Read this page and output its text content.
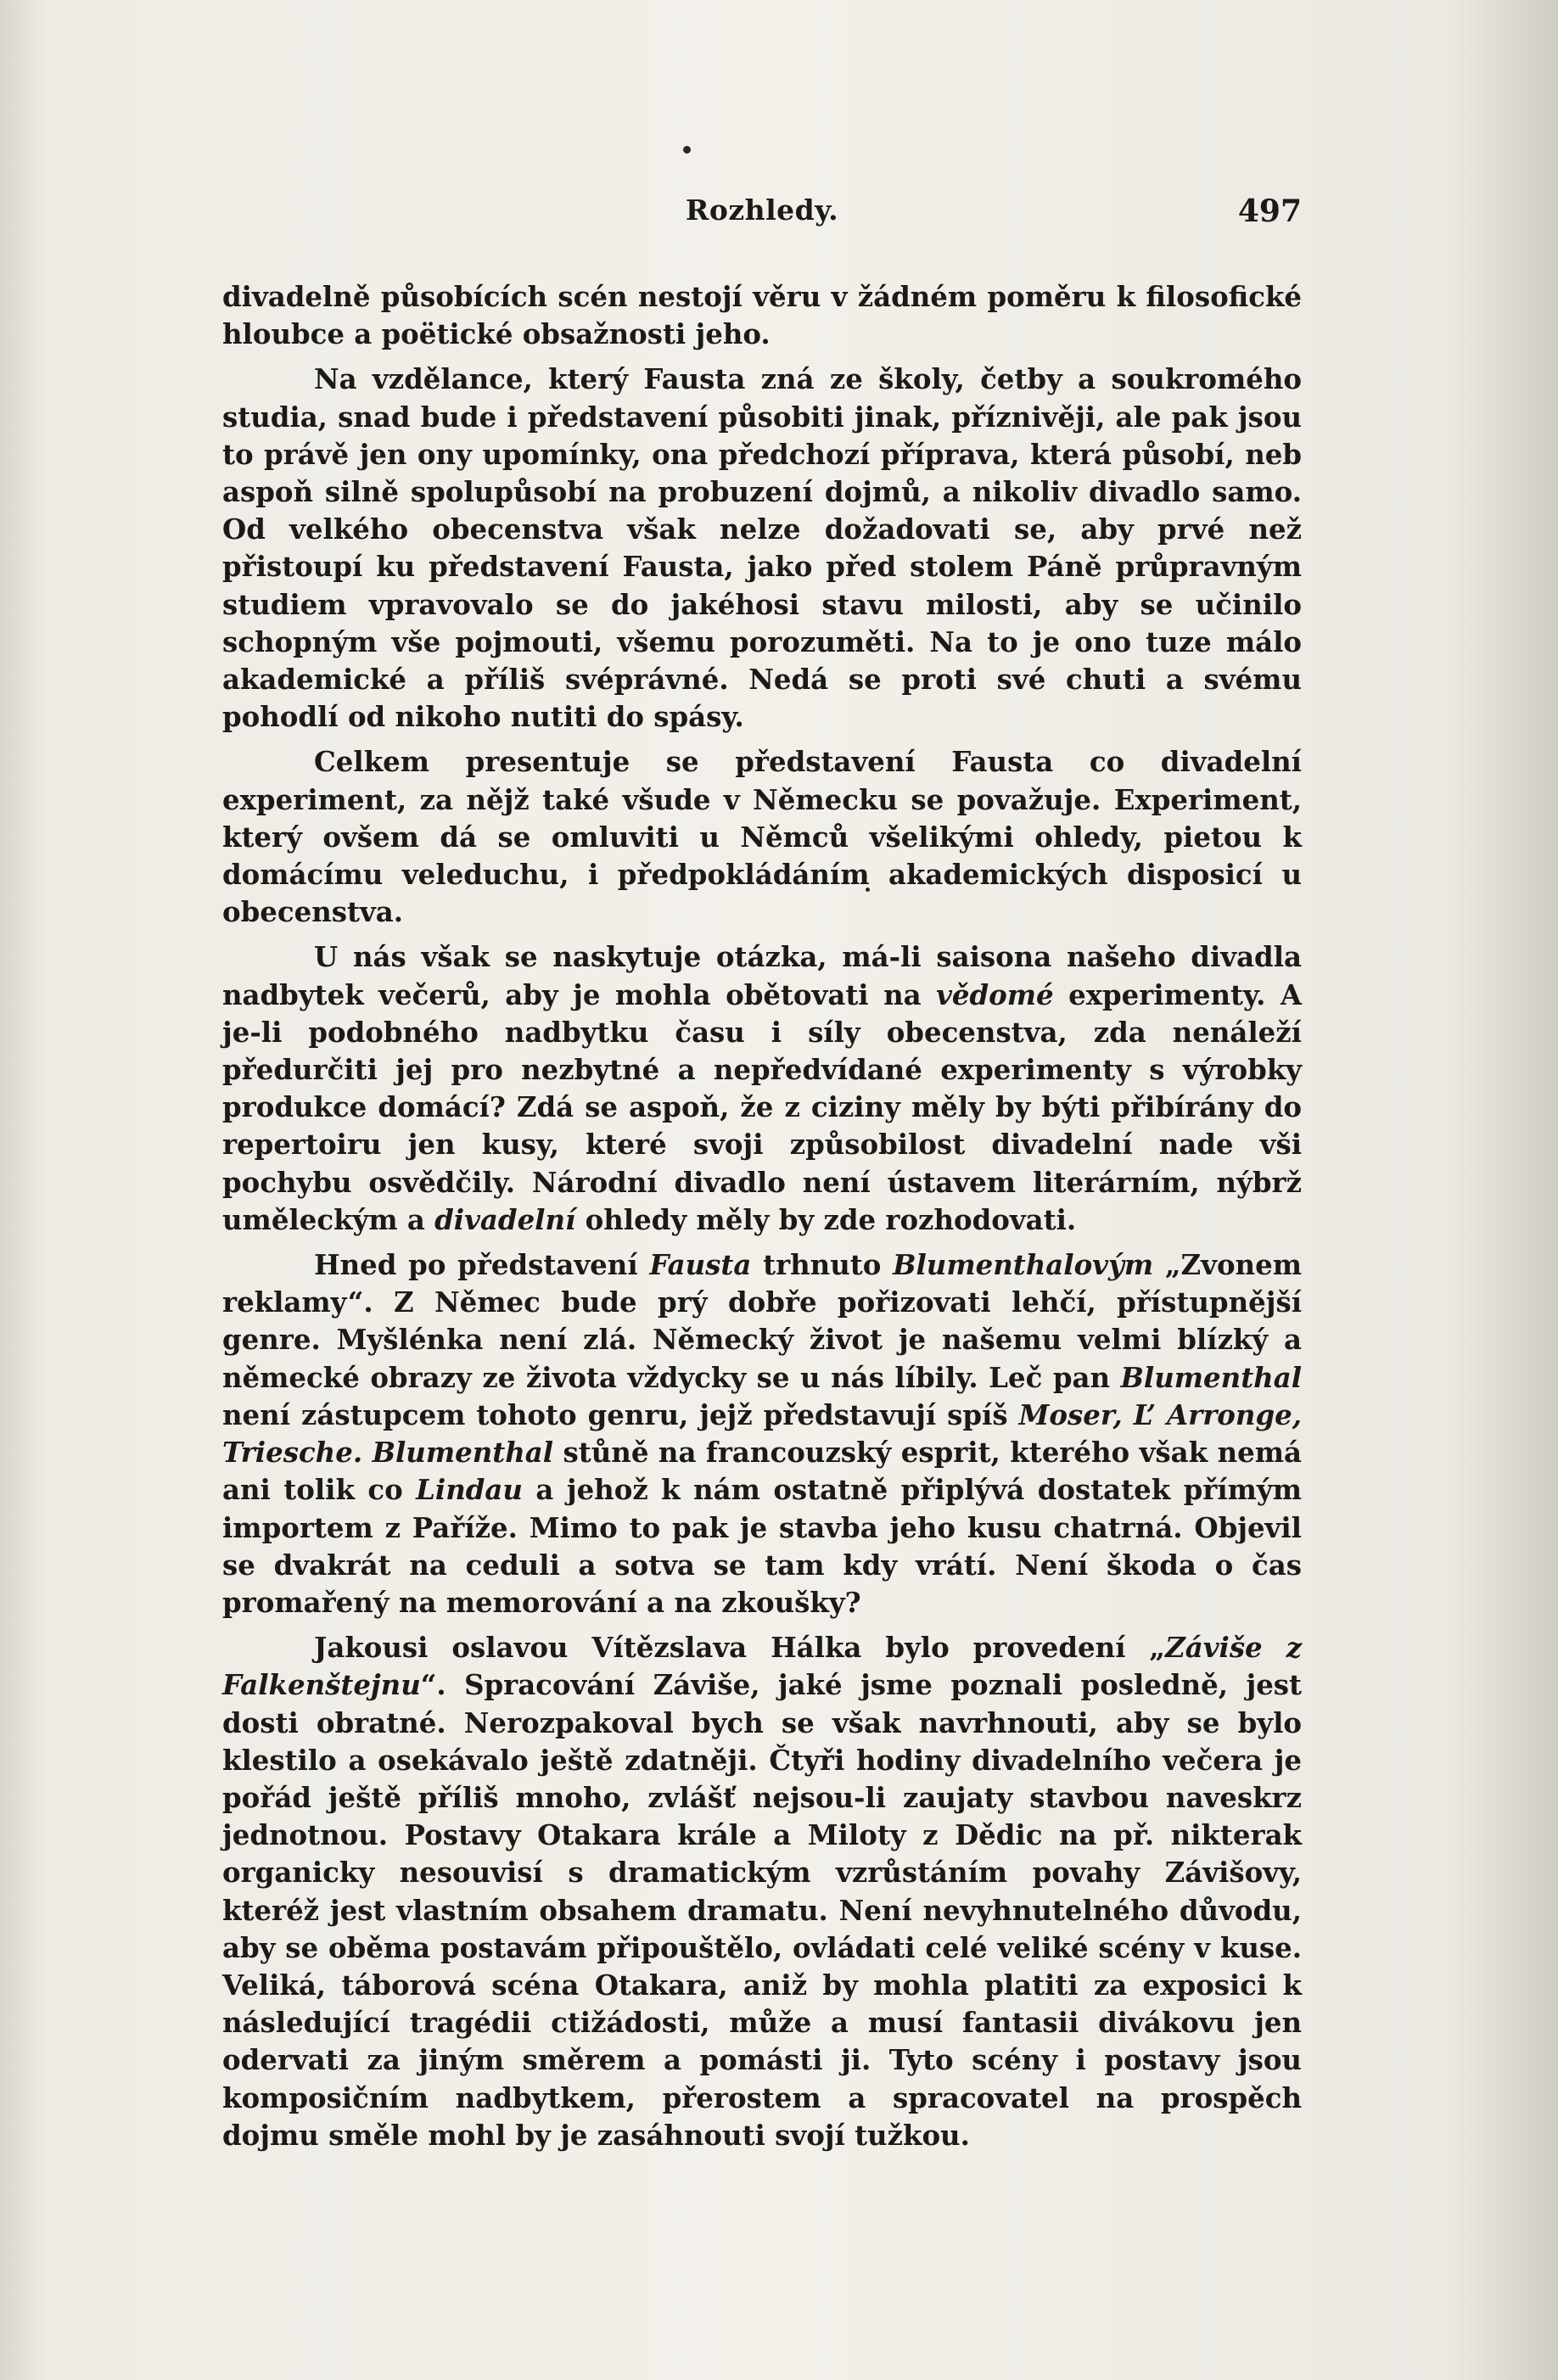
Rozhledy.	497

divadelně působících scén nestojí věru v žádném poměru k filosofické hloubce a poëtické obsažnosti jeho.

Na vzdělance, který Fausta zná ze školy, četby a soukromého studia, snad bude i představení působiti jinak, příznivěji, ale pak jsou to právě jen ony upomínky, ona předchozí příprava, která působí, neb aspoň silně spolupůsobí na probuzení dojmů, a nikoliv divadlo samo. Od velkého obecenstva však nelze dožadovati se, aby prvé než přistoupí ku představení Fausta, jako před stolem Páně průpravným studiem vpravovalo se do jakéhosi stavu milosti, aby se učinilo schopným vše pojmouti, všemu porozuměti. Na to je ono tuze málo akademické a příliš svéprávné. Nedá se proti své chuti a svému pohodlí od nikoho nutiti do spásy.

Celkem presentuje se představení Fausta co divadelní experiment, za nějž také všude v Německu se považuje. Experiment, který ovšem dá se omluviti u Němců všelikými ohledy, pietou k domácímu veleduchu, i předpokládáním akademických disposicí u obecenstva.

U nás však se naskytuje otázka, má-li saisona našeho divadla nadbytek večerů, aby je mohla obětovati na vědomé experimenty. A je-li podobného nadbytku času i síly obecenstva, zda nenáleží předurčiti jej pro nezbytné a nepředvídané experimenty s výrobky produkce domácí? Zdá se aspoň, že z ciziny měly by býti přibírány do repertoiru jen kusy, které svoji způsobilost divadelní nade vši pochybu osvědčily. Národní divadlo není ústavem literárním, nýbrž uměleckým a divadelní ohledy měly by zde rozhodovati.

Hned po představení Fausta trhnuto Blumenthalovým „Zvonem reklamy“. Z Němec bude prý dobře pořizovati lehčí, přístupnější genre. Myšlénka není zlá. Německý život je našemu velmi blízký a německé obrazy ze života vždycky se u nás líbily. Leč pan Blumenthal není zástupcem tohoto genru, jejž představují spíš Moser, L’ Arronge, Triesche. Blumenthal stůně na francouzský esprit, kterého však nemá ani tolik co Lindau a jehož k nám ostatně připlývá dostatek přímým importem z Paříže. Mimo to pak je stavba jeho kusu chatrná. Objevil se dvakrát na ceduli a sotva se tam kdy vrátí. Není škoda o čas promařený na memorování a na zkoušky?

Jakousi oslavou Vítězslava Hálka bylo provedení „Záviše z Falkenštejnu“. Spracování Záviše, jaké jsme poznali posledně, jest dosti obratné. Nerozpakoval bych se však navrhnouti, aby se bylo klestilo a osekávalo ještě zdatněji. Čtyři hodiny divadelního večera je pořád ještě příliš mnoho, zvlášť nejsou-li zaujaty stavbou naveskrz jednotnou. Postavy Otakara krále a Miloty z Dědic na př. nikterak organicky nesouvisí s dramatickým vzrůstáním povahy Závišovy, kteréž jest vlastním obsahem dramatu. Není nevyhnutelného důvodu, aby se oběma postavám připouštělo, ovládati celé veliké scény v kuse. Veliká, táborová scéna Otakara, aniž by mohla platiti za exposici k následující tragédii ctižádosti, může a musí fantasii divákovu jen odervati za jiným směrem a pomásti ji. Tyto scény i postavy jsou komposičním nadbytkem, přerostem a spracovatel na prospěch dojmu směle mohl by je zasáhnouti svojí tužkou.
